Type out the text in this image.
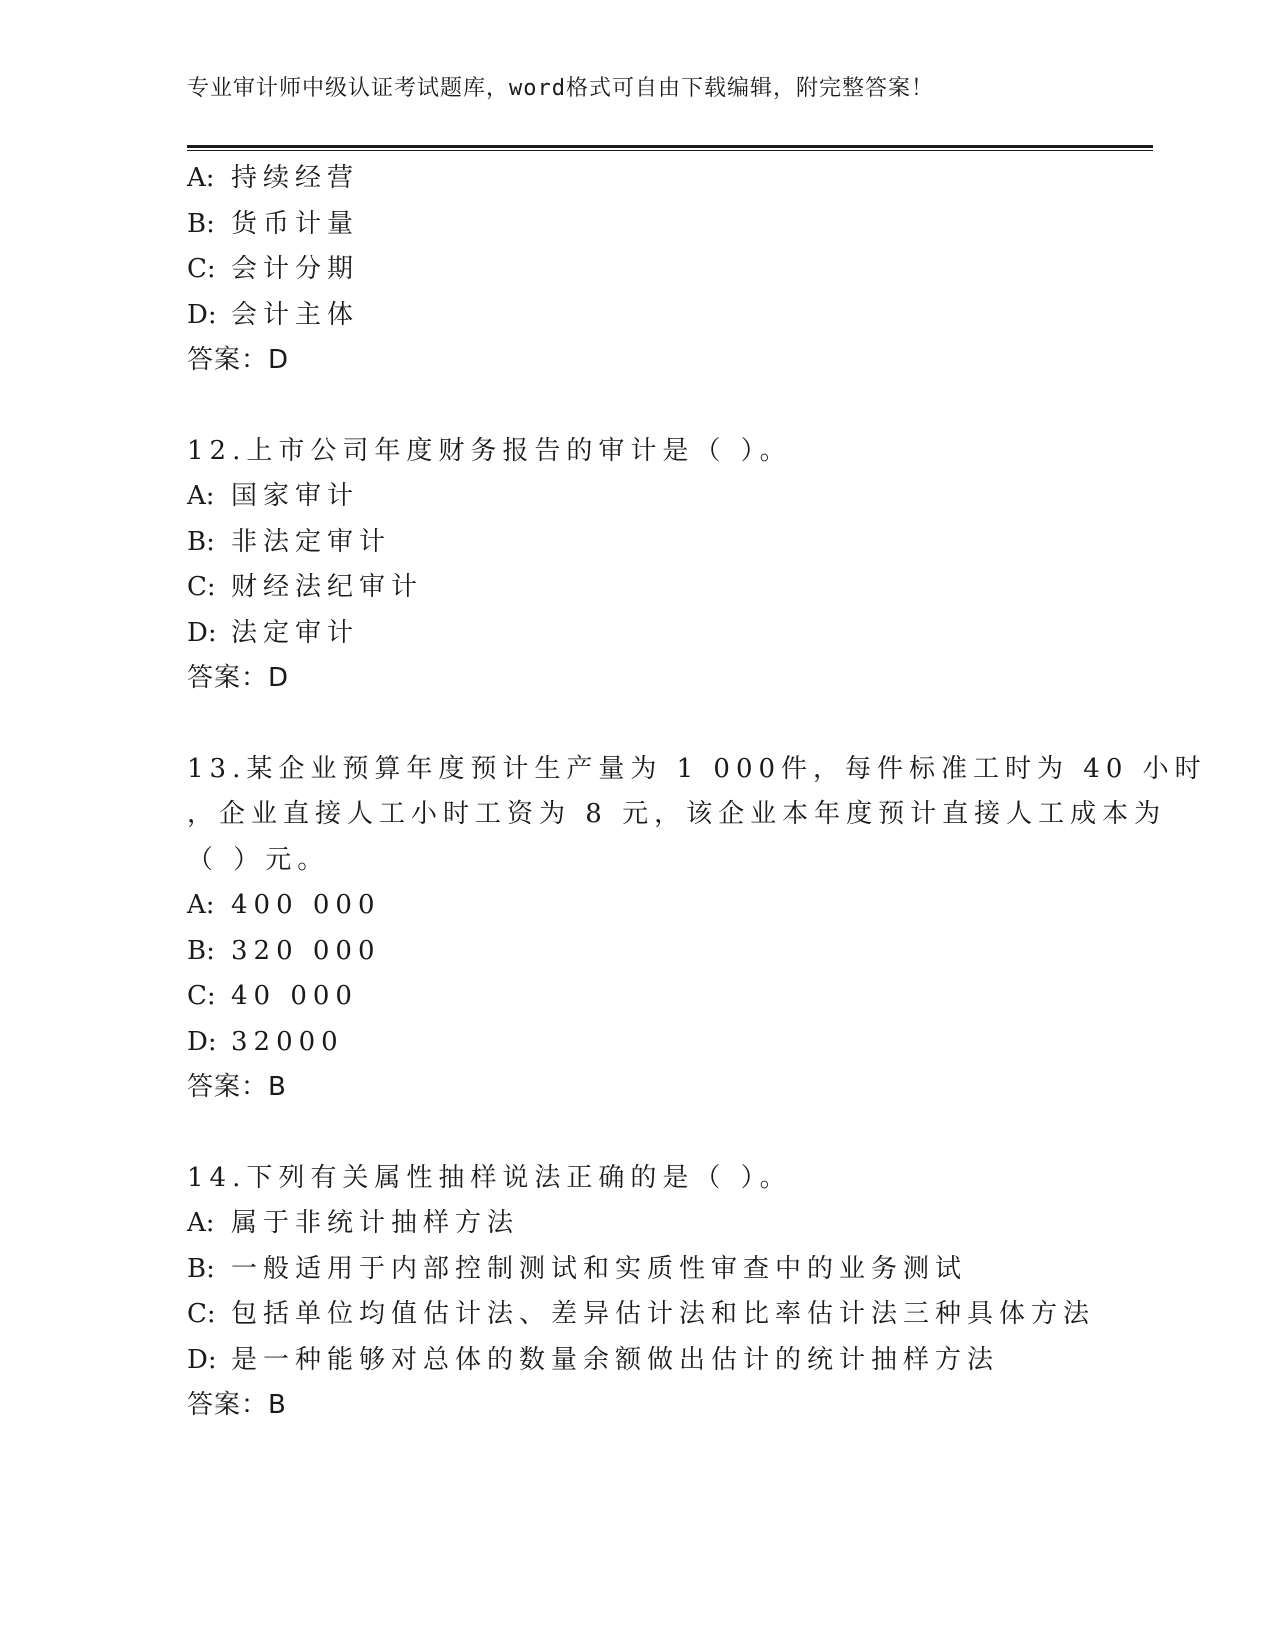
专业审计师中级认证考试题库，word格式可自由下载编辑，附完整答案！
A: 持续经营
B: 货币计量
C: 会计分期
D: 会计主体
答案：D
12.上市公司年度财务报告的审计是（ ）。
A: 国家审计
B: 非法定审计
C: 财经法纪审计
D: 法定审计
答案：D
13.某企业预算年度预计生产量为 1 000件，每件标准工时为 40 小时
，企业直接人工小时工资为 8 元，该企业本年度预计直接人工成本为
（ ）元。
A: 400 000
B: 320 000
C: 40 000
D: 32000
答案：B
14.下列有关属性抽样说法正确的是（ ）。
A: 属于非统计抽样方法
B: 一般适用于内部控制测试和实质性审查中的业务测试
C: 包括单位均值估计法、差异估计法和比率估计法三种具体方法
D: 是一种能够对总体的数量余额做出估计的统计抽样方法
答案：B
